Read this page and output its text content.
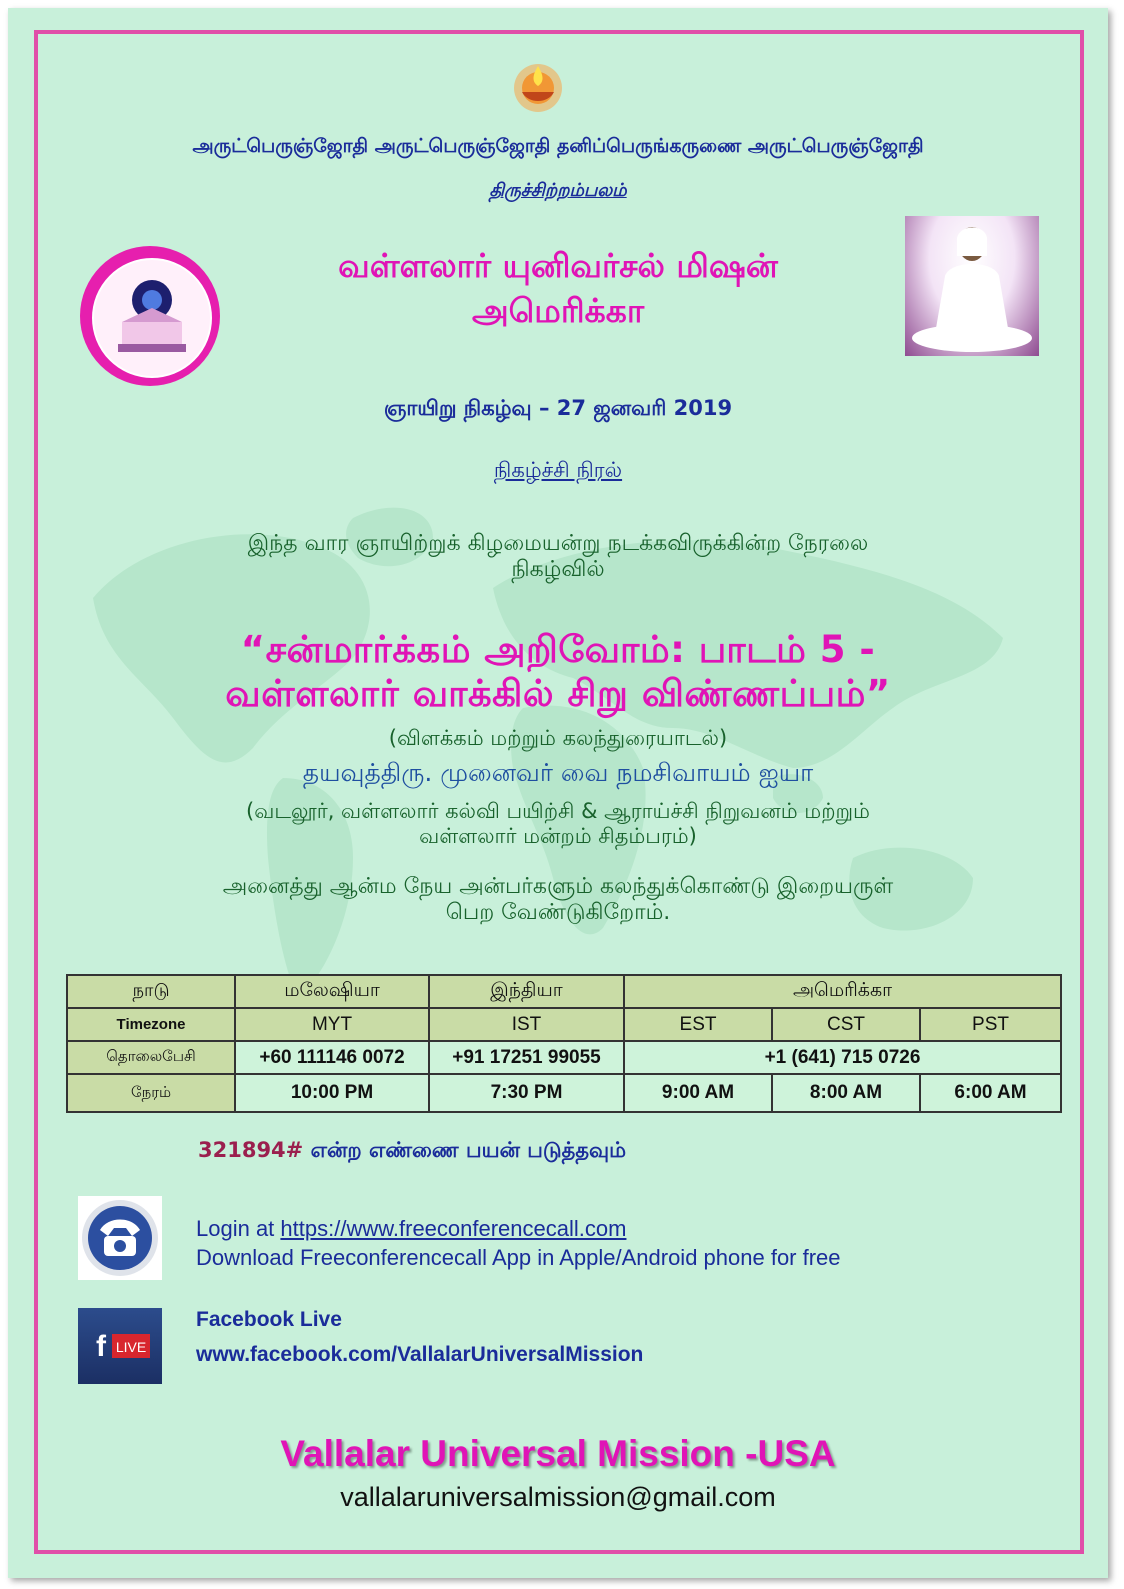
அருட்பெருஞ்ஜோதி அருட்பெருஞ்ஜோதி தனிப்பெருங்கருணை அருட்பெருஞ்ஜோதி
திருச்சிற்றம்பலம்
வள்ளலார் யுனிவர்சல் மிஷன்
அமெரிக்கா
ஞாயிறு நிகழ்வு – 27 ஜனவரி 2019
நிகழ்ச்சி நிரல்
இந்த வார ஞாயிற்றுக் கிழமையன்று நடக்கவிருக்கின்ற நேரலை
நிகழ்வில்
“சன்மார்க்கம் அறிவோம்: பாடம் 5 -
வள்ளலார் வாக்கில் சிறு விண்ணப்பம்”
(விளக்கம் மற்றும் கலந்துரையாடல்)
தயவுத்திரு. முனைவர் வை நமசிவாயம் ஐயா
(வடலூர், வள்ளலார் கல்வி பயிற்சி & ஆராய்ச்சி நிறுவனம் மற்றும்
வள்ளலார் மன்றம் சிதம்பரம்)
அனைத்து ஆன்ம நேய அன்பர்களும் கலந்துக்கொண்டு இறையருள்
பெற வேண்டுகிறோம்.
நாடு	மலேஷியா	இந்தியா	அமெரிக்கா		
Timezone	MYT	IST	EST	CST	PST
தொலைபேசி	+60 111146 0072	+91 17251 99055	+1 (641) 715 0726		
நேரம்	10:00 PM	7:30 PM	9:00 AM	8:00 AM	6:00 AM
321894# என்ற எண்ணை பயன் படுத்தவும்
Login at https://www.freeconferencecall.com
Download Freeconferencecall App in Apple/Android phone for free
f LIVE
Facebook Live
www.facebook.com/VallalarUniversalMission
Vallalar Universal Mission -USA
vallalaruniversalmission@gmail.com
